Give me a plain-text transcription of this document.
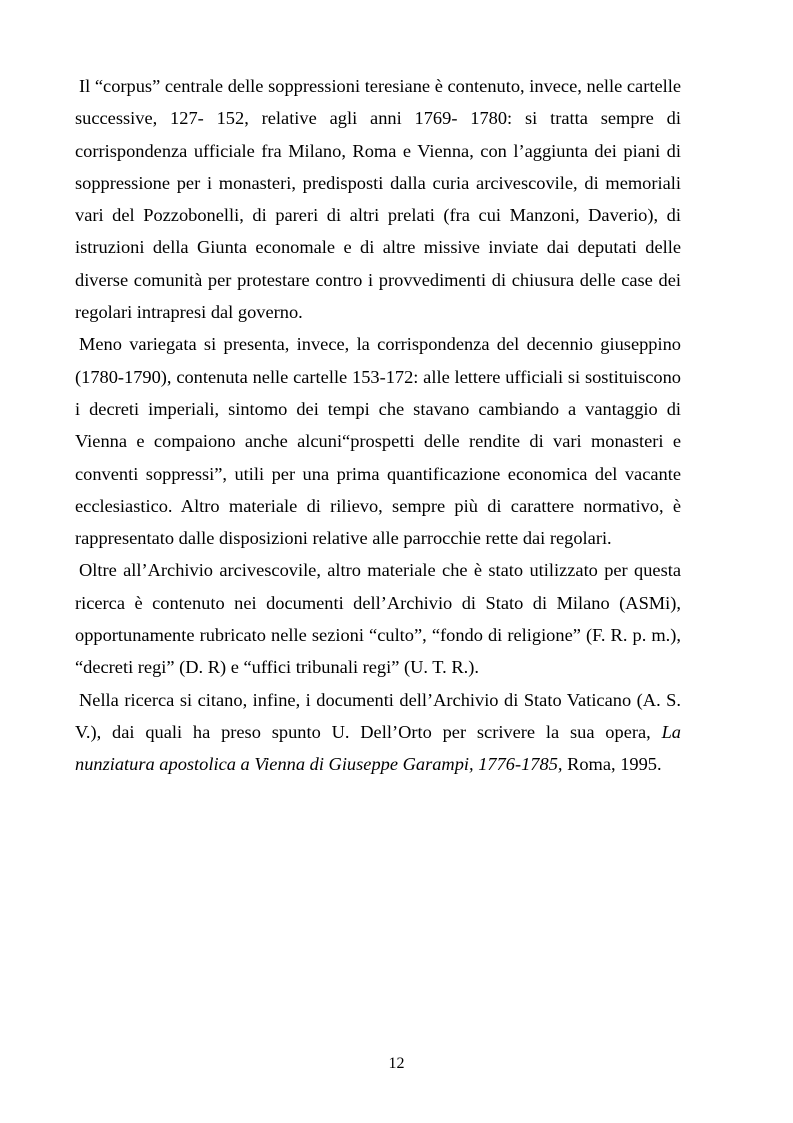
Il “corpus” centrale delle soppressioni teresiane è contenuto, invece, nelle cartelle successive, 127- 152, relative agli anni 1769- 1780: si tratta sempre di corrispondenza ufficiale fra Milano, Roma e Vienna, con l’aggiunta dei piani di soppressione per i monasteri, predisposti dalla curia arcivescovile, di memoriali vari del Pozzobonelli, di pareri di altri prelati (fra cui Manzoni, Daverio), di istruzioni della Giunta economale e di altre missive inviate dai deputati delle diverse comunità per protestare contro i provvedimenti di chiusura delle case dei regolari intrapresi dal governo.

Meno variegata si presenta, invece, la corrispondenza del decennio giuseppino (1780-1790), contenuta nelle cartelle 153-172: alle lettere ufficiali si sostituiscono i decreti imperiali, sintomo dei tempi che stavano cambiando a vantaggio di Vienna e compaiono anche alcuni“prospetti delle rendite di vari monasteri e conventi soppressi”, utili per una prima quantificazione economica del vacante ecclesiastico. Altro materiale di rilievo, sempre più di carattere normativo, è rappresentato dalle disposizioni relative alle parrocchie rette dai regolari.

Oltre all’Archivio arcivescovile, altro materiale che è stato utilizzato per questa ricerca è contenuto nei documenti dell’Archivio di Stato di Milano (ASMi), opportunamente rubricato nelle sezioni “culto”, “fondo di religione” (F. R. p. m.), “decreti regi” (D. R) e “uffici tribunali regi” (U. T. R.).

Nella ricerca si citano, infine, i documenti dell’Archivio di Stato Vaticano (A. S. V.), dai quali ha preso spunto U. Dell’Orto per scrivere la sua opera, La nunziatura apostolica a Vienna di Giuseppe Garampi, 1776-1785, Roma, 1995.

12
